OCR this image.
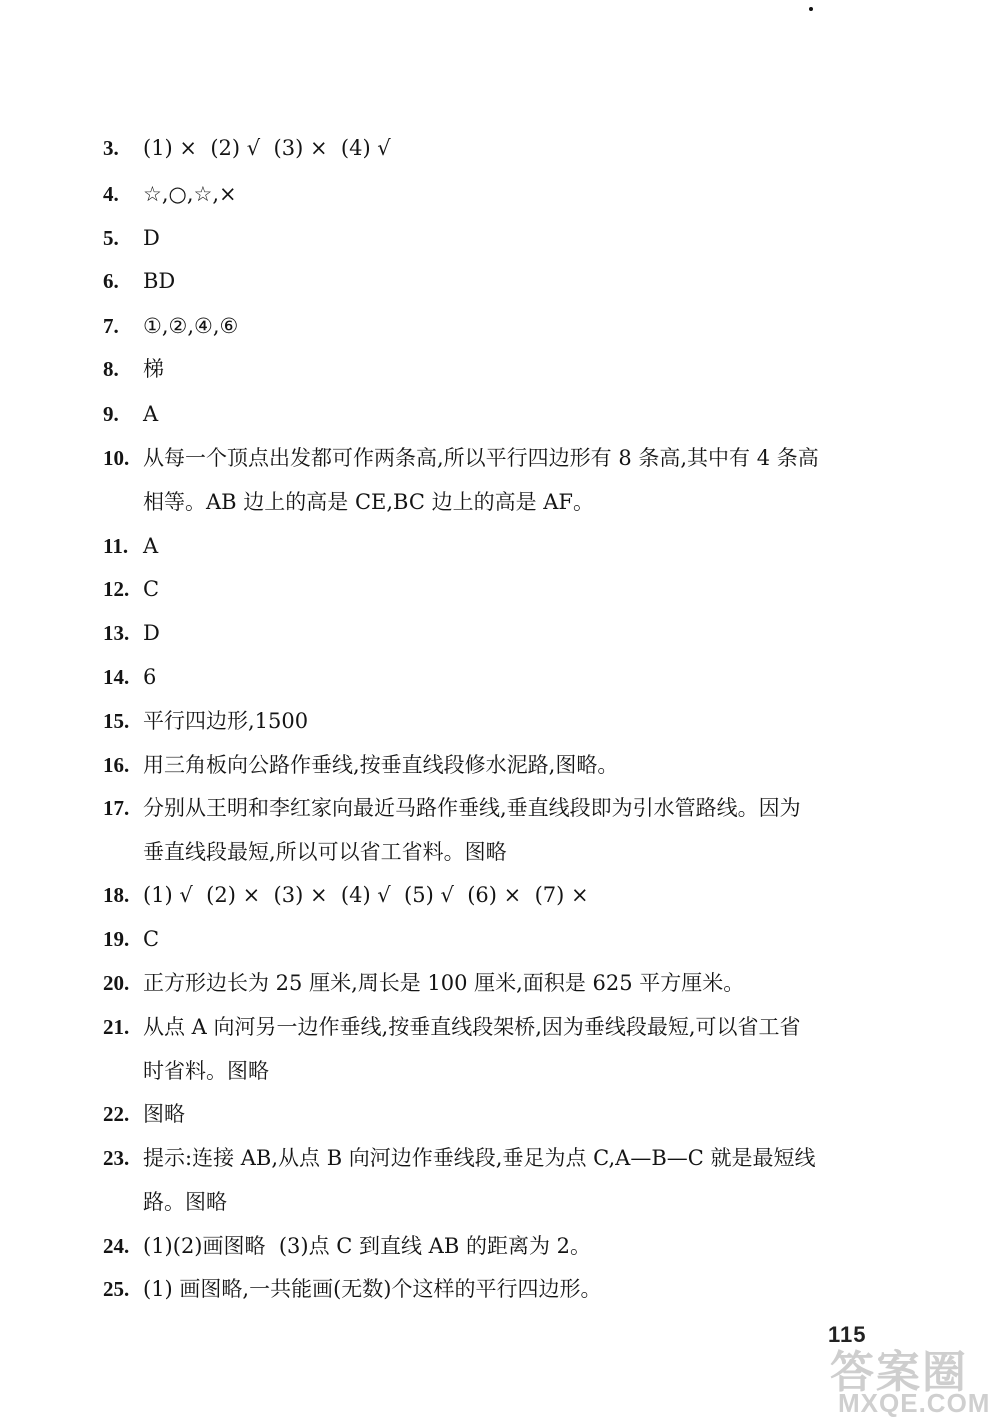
3.	(1) ×  (2) √  (3) ×  (4) √
4.	☆,○,☆,×
5.	D
6.	BD
7.	①,②,④,⑥
8.	梯
9.	A
10. 从每一个顶点出发都可作两条高,所以平行四边形有 8 条高,其中有 4 条高
相等。AB 边上的高是 CE,BC 边上的高是 AF。
11. A
12. C
13. D
14. 6
15. 平行四边形,1500
16. 用三角板向公路作垂线,按垂直线段修水泥路,图略。
17. 分别从王明和李红家向最近马路作垂线,垂直线段即为引水管路线。因为
垂直线段最短,所以可以省工省料。图略
18. (1) √  (2) ×  (3) ×  (4) √  (5) √  (6) ×  (7) ×
19. C
20. 正方形边长为 25 厘米,周长是 100 厘米,面积是 625 平方厘米。
21. 从点 A 向河另一边作垂线,按垂直线段架桥,因为垂线段最短,可以省工省
时省料。图略
22. 图略
23. 提示:连接 AB,从点 B 向河边作垂线段,垂足为点 C,A—B—C 就是最短线
路。图略
24. (1)(2)画图略  (3)点 C 到直线 AB 的距离为 2。
25. (1) 画图略,一共能画(无数)个这样的平行四边形。
答案圈
MXQE.COM
115
